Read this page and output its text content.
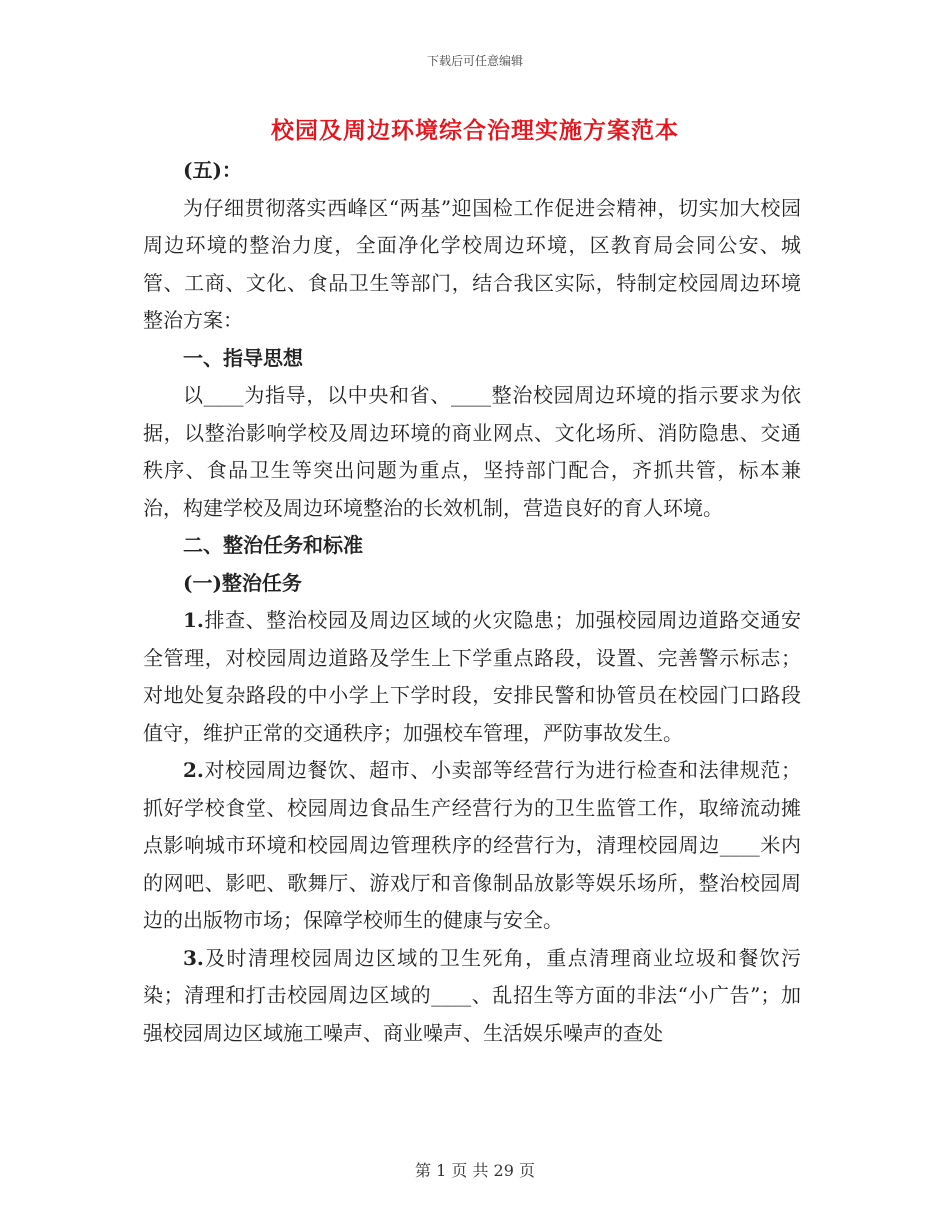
下载后可任意编辑
校园及周边环境综合治理实施方案范本

(五)：

为仔细贯彻落实西峰区“两基”迎国检工作促进会精神，切实加大校园周边环境的整治力度，全面净化学校周边环境，区教育局会同公安、城管、工商、文化、食品卫生等部门，结合我区实际，特制定校园周边环境整治方案：

一、指导思想

以____为指导，以中央和省、____整治校园周边环境的指示要求为依据，以整治影响学校及周边环境的商业网点、文化场所、消防隐患、交通秩序、食品卫生等突出问题为重点，坚持部门配合，齐抓共管，标本兼治，构建学校及周边环境整治的长效机制，营造良好的育人环境。

二、整治任务和标准

(一)整治任务

1.排查、整治校园及周边区域的火灾隐患；加强校园周边道路交通安全管理，对校园周边道路及学生上下学重点路段，设置、完善警示标志；对地处复杂路段的中小学上下学时段，安排民警和协管员在校园门口路段值守，维护正常的交通秩序；加强校车管理，严防事故发生。

2.对校园周边餐饮、超市、小卖部等经营行为进行检查和法律规范；抓好学校食堂、校园周边食品生产经营行为的卫生监管工作，取缔流动摊点影响城市环境和校园周边管理秩序的经营行为，清理校园周边____米内的网吧、影吧、歌舞厅、游戏厅和音像制品放影等娱乐场所，整治校园周边的出版物市场；保障学校师生的健康与安全。

3.及时清理校园周边区域的卫生死角，重点清理商业垃圾和餐饮污染；清理和打击校园周边区域的____、乱招生等方面的非法“小广告”；加强校园周边区域施工噪声、商业噪声、生活娱乐噪声的查处

第 1 页 共 29 页
